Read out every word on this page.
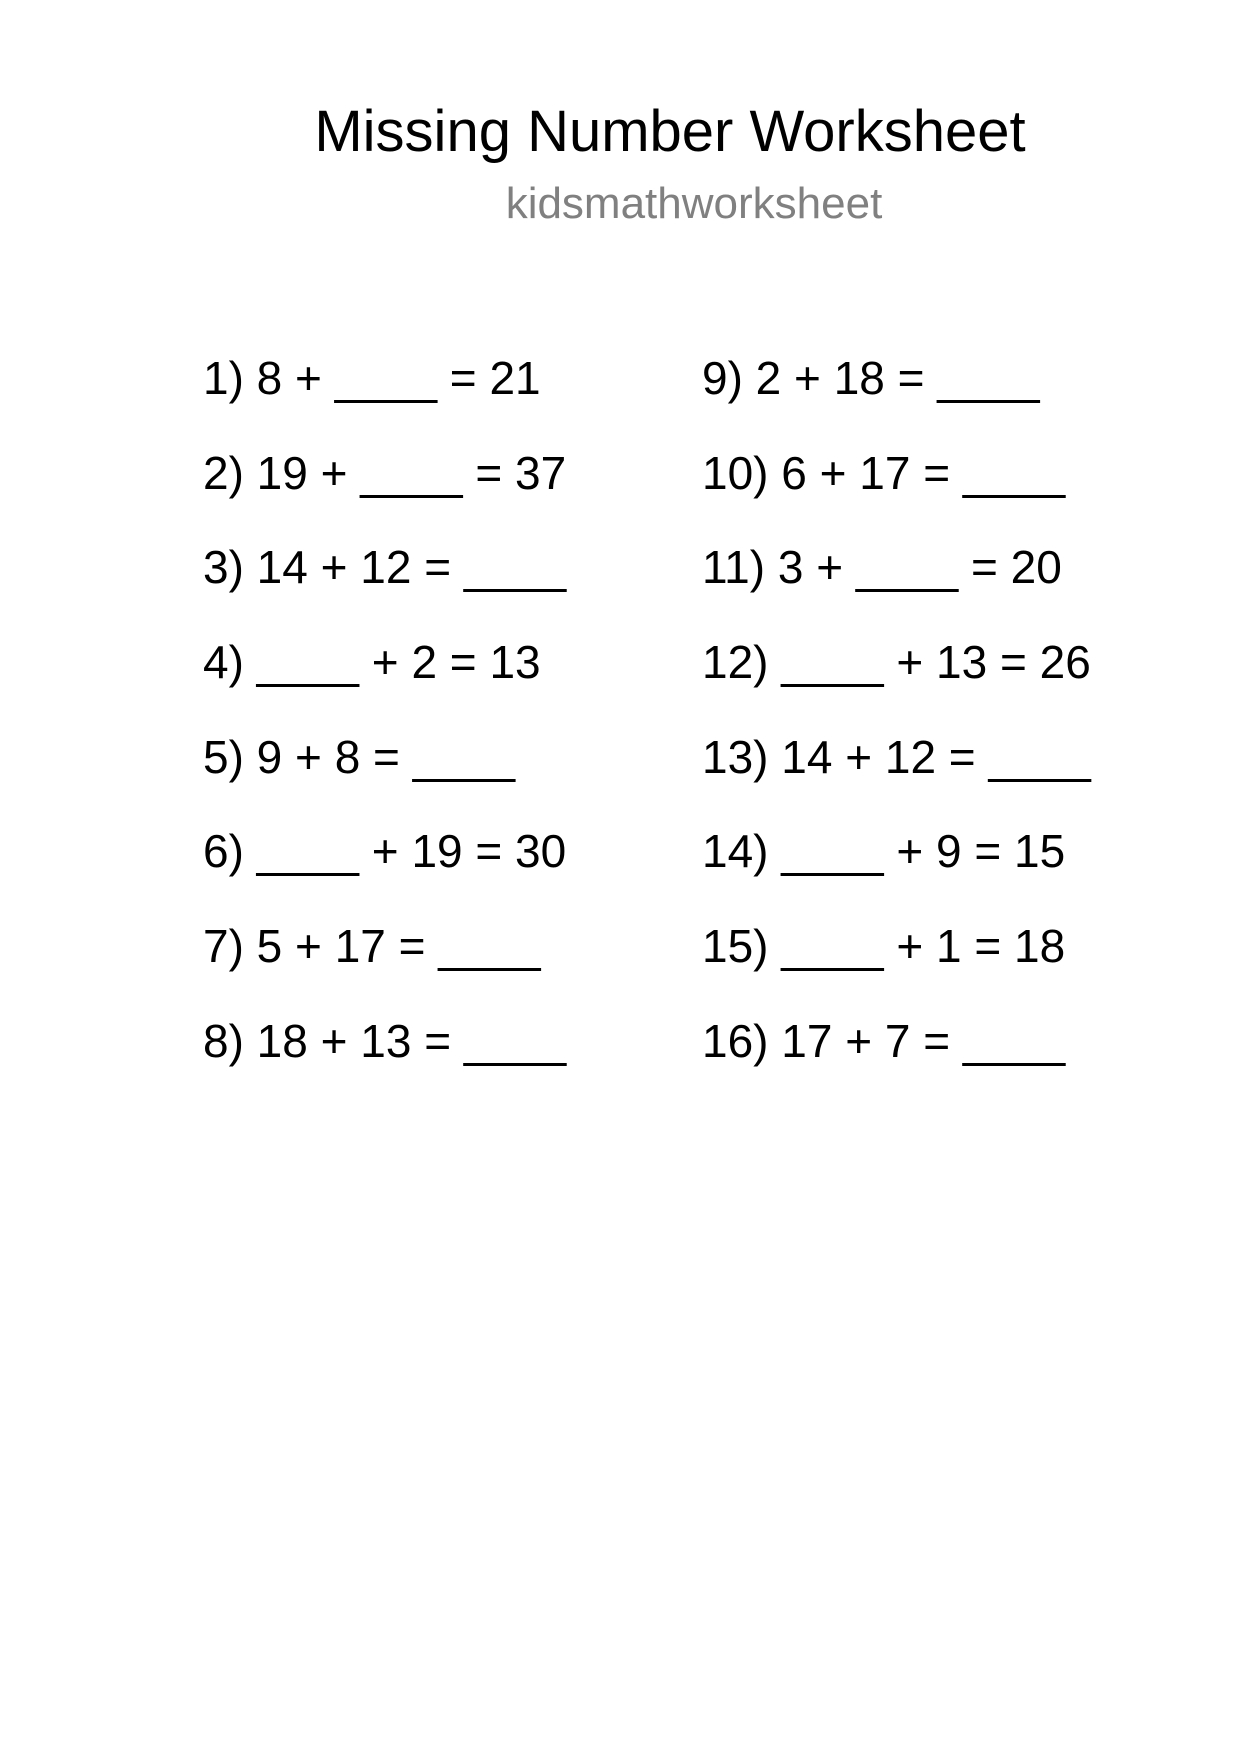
Missing Number Worksheet
kidsmathworksheet
1) 8 + ____ = 21
2) 19 + ____ = 37
3) 14 + 12 = ____
4) ____ + 2 = 13
5) 9 + 8 = ____
6) ____ + 19 = 30
7) 5 + 17 = ____
8) 18 + 13 = ____
9) 2 + 18 = ____
10) 6 + 17 = ____
11) 3 + ____ = 20
12) ____ + 13 = 26
13) 14 + 12 = ____
14) ____ + 9 = 15
15) ____ + 1 = 18
16) 17 + 7 = ____
